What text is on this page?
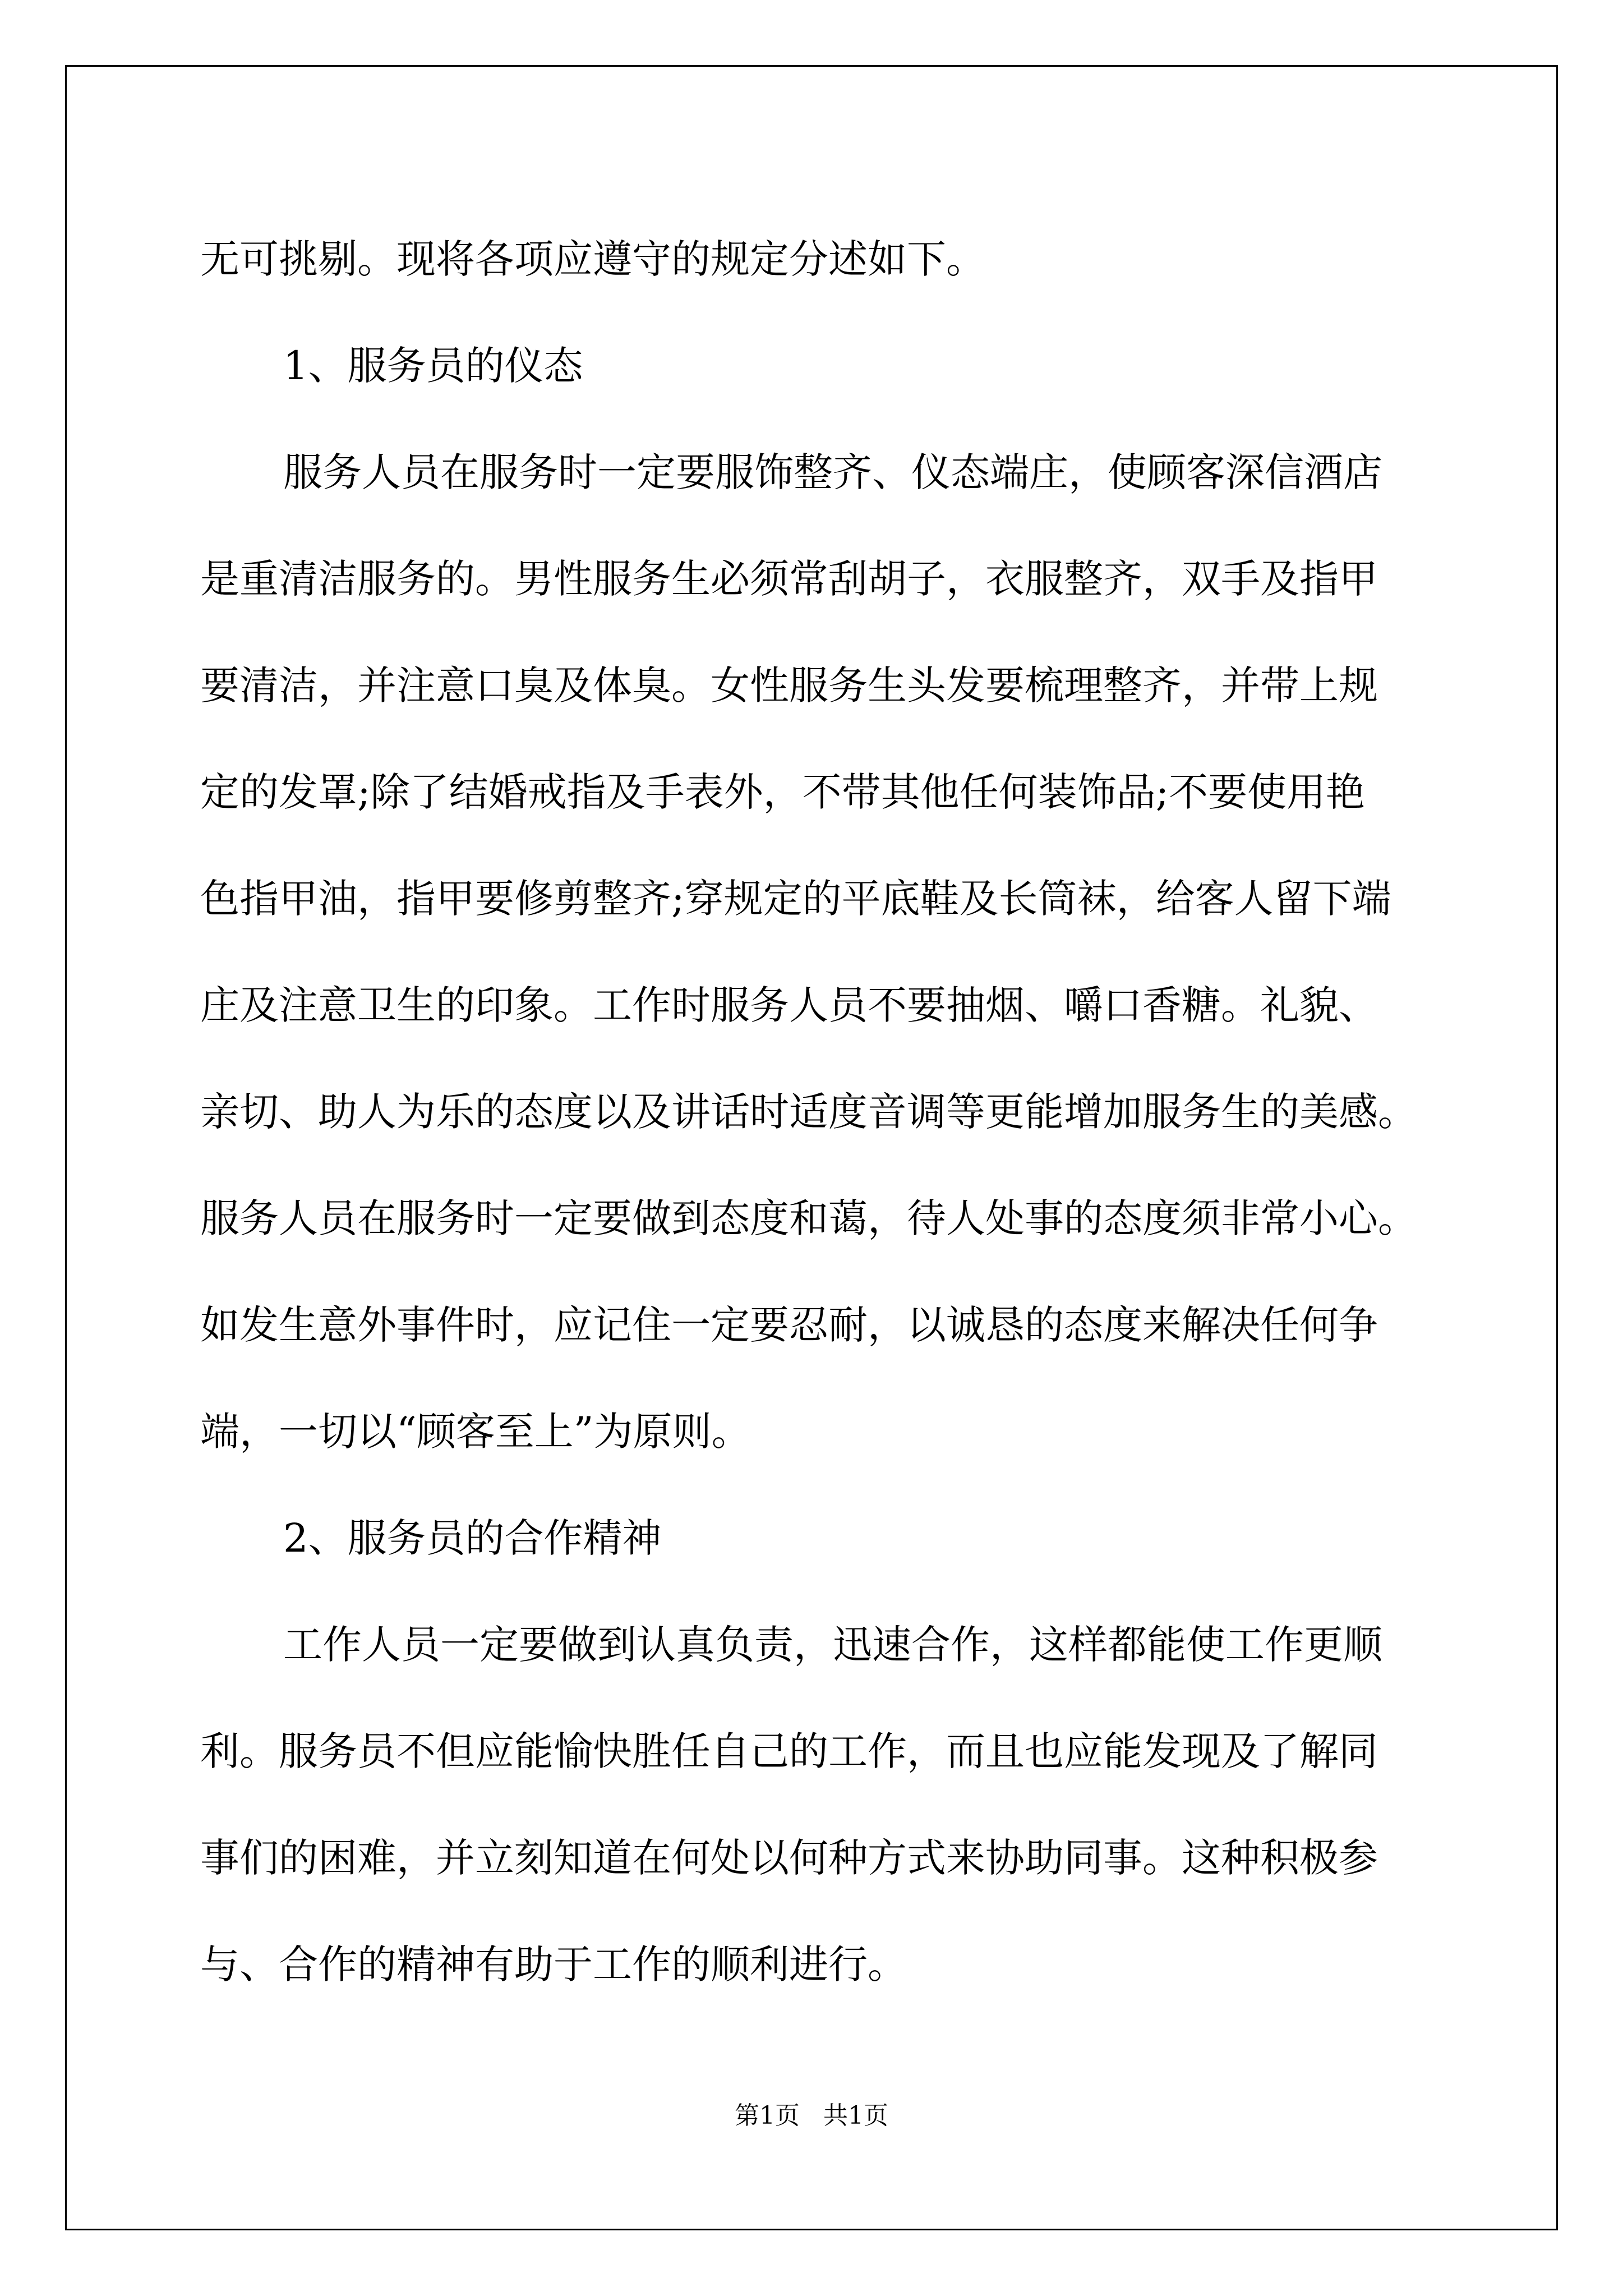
无可挑剔。现将各项应遵守的规定分述如下。
1、服务员的仪态
服务人员在服务时一定要服饰整齐、仪态端庄，使顾客深信酒店
是重清洁服务的。男性服务生必须常刮胡子，衣服整齐，双手及指甲
要清洁，并注意口臭及体臭。女性服务生头发要梳理整齐，并带上规
定的发罩;除了结婚戒指及手表外，不带其他任何装饰品;不要使用艳
色指甲油，指甲要修剪整齐;穿规定的平底鞋及长筒袜，给客人留下端
庄及注意卫生的印象。工作时服务人员不要抽烟、嚼口香糖。礼貌、
亲切、助人为乐的态度以及讲话时适度音调等更能增加服务生的美感。
服务人员在服务时一定要做到态度和蔼，待人处事的态度须非常小心。
如发生意外事件时，应记住一定要忍耐，以诚恳的态度来解决任何争
端，一切以“顾客至上”为原则。
2、服务员的合作精神
工作人员一定要做到认真负责，迅速合作，这样都能使工作更顺
利。服务员不但应能愉快胜任自己的工作，而且也应能发现及了解同
事们的困难，并立刻知道在何处以何种方式来协助同事。这种积极参
与、合作的精神有助于工作的顺利进行。
第1页   共1页
